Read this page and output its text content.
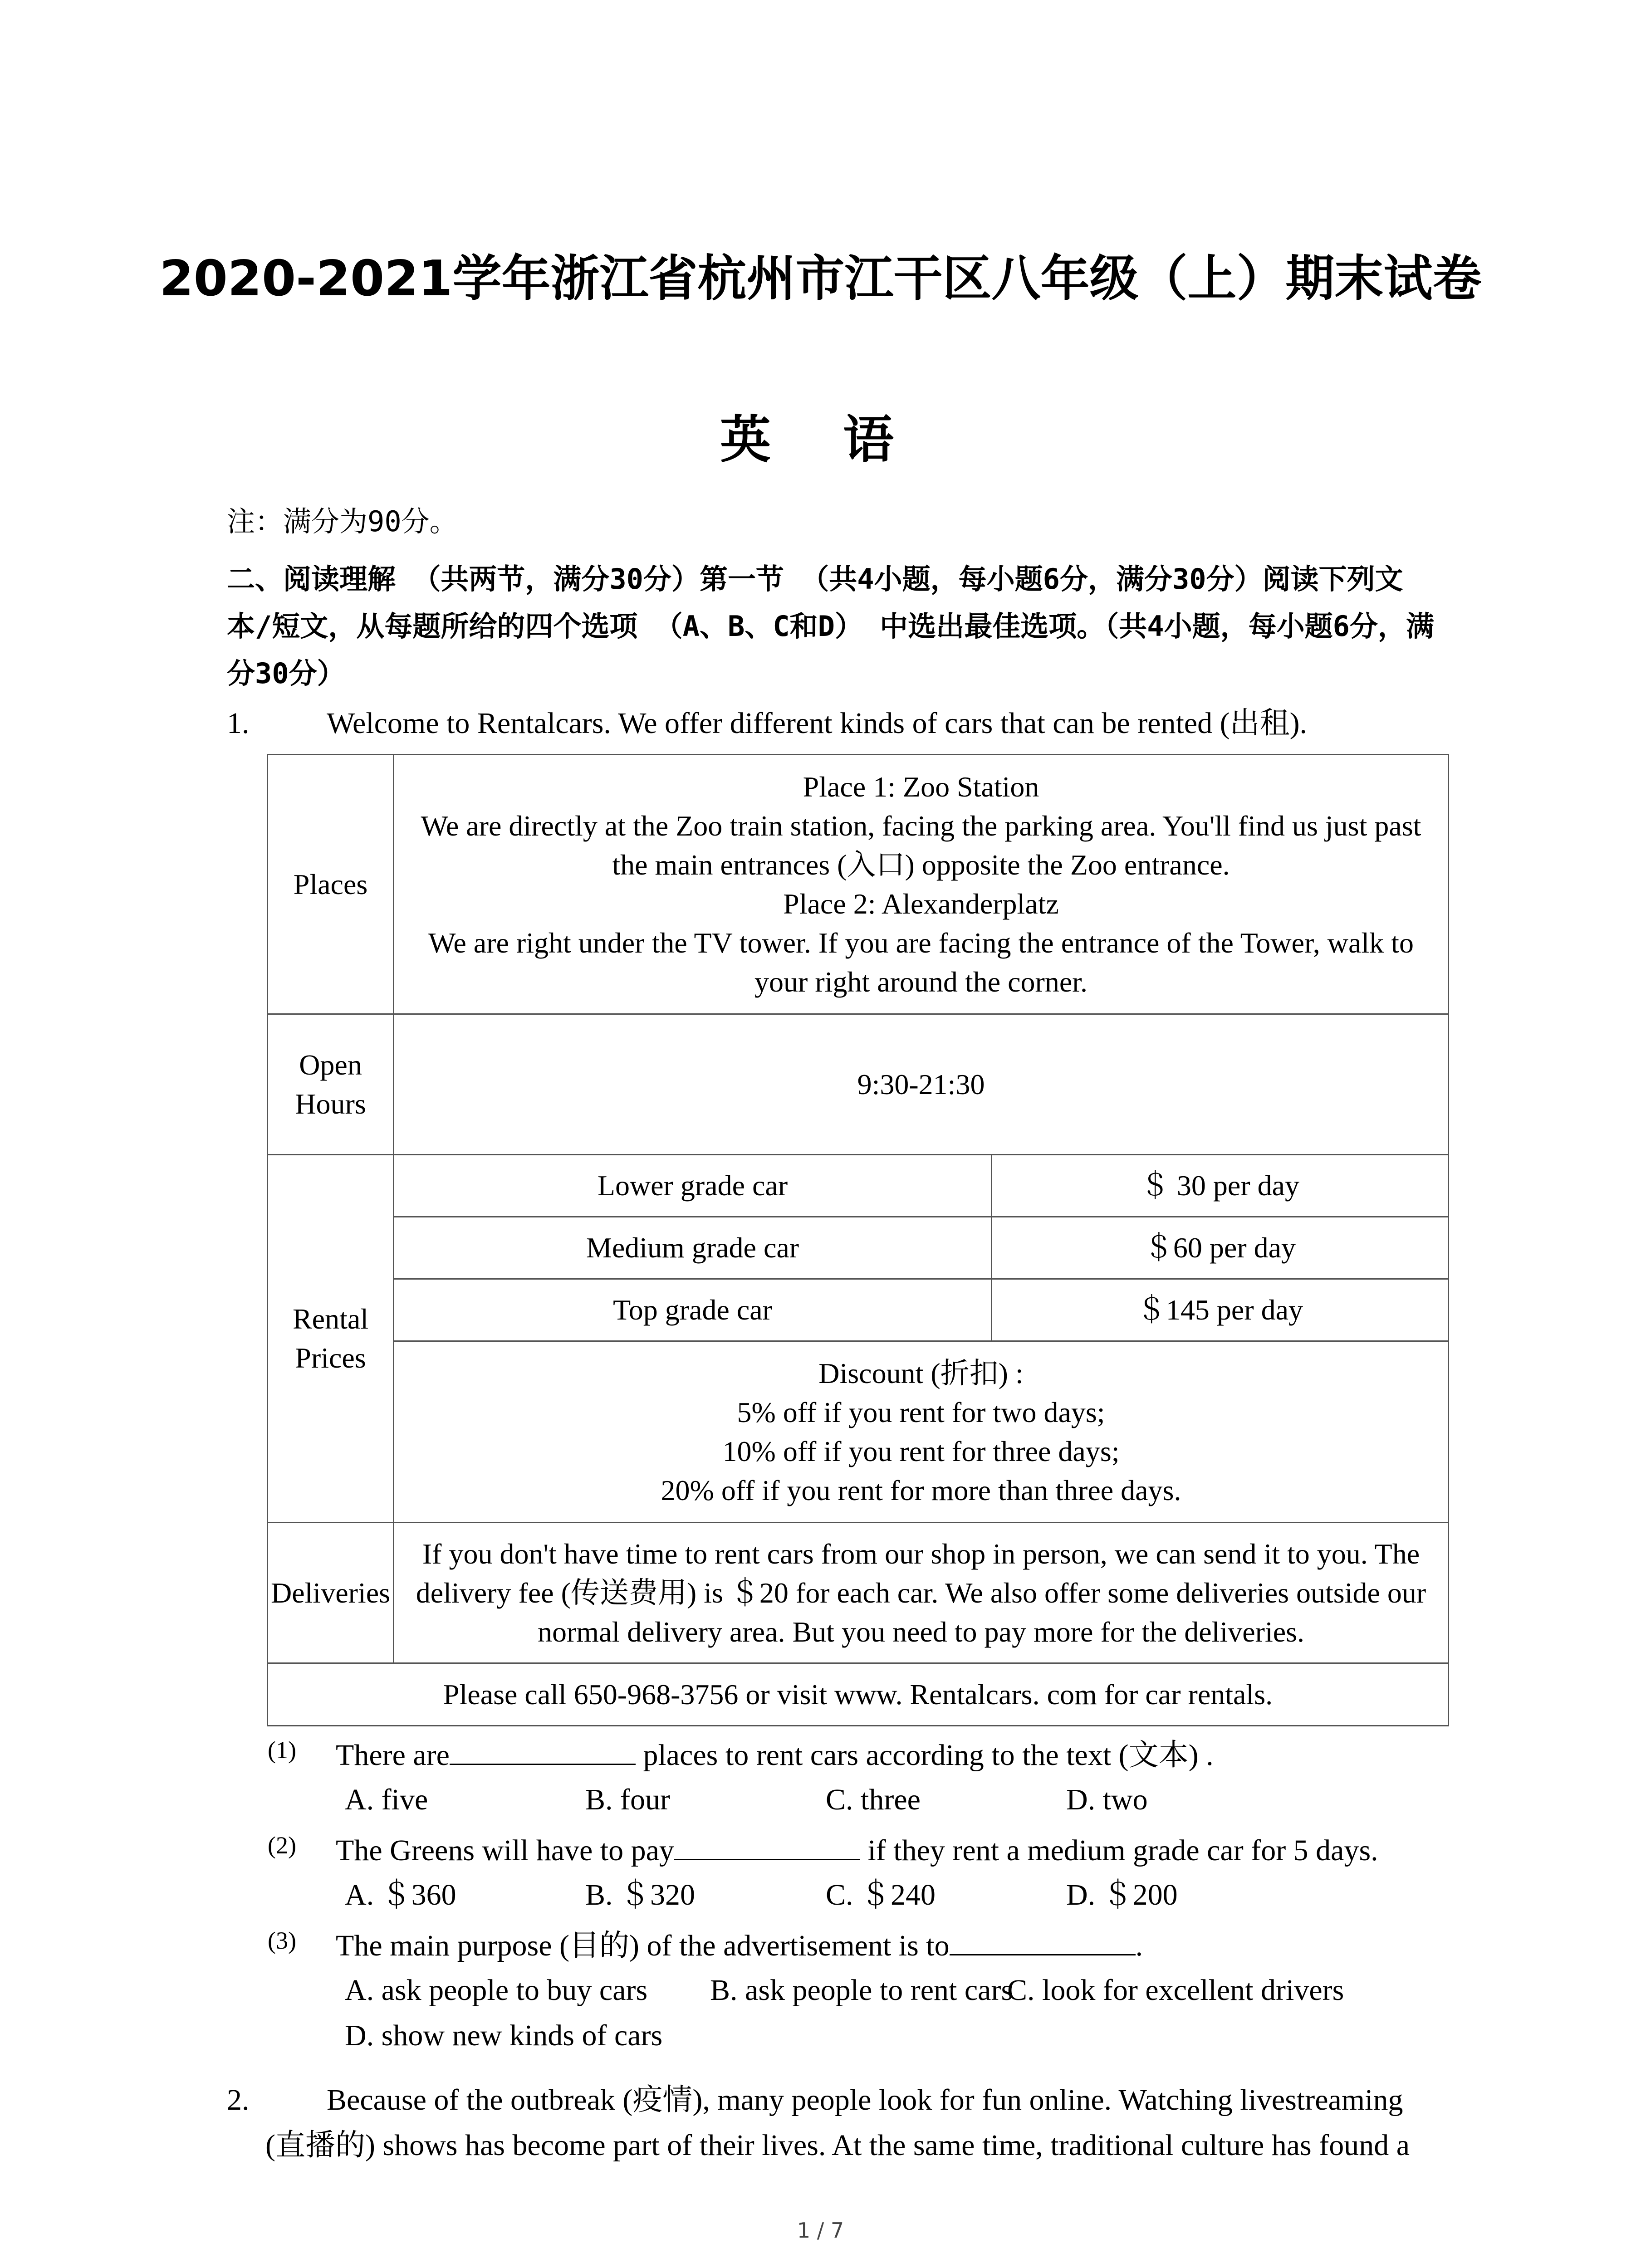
2020-2021学年浙江省杭州市江干区八年级（上）期末试卷
英 语
注：满分为90分。
二、阅读理解 （共两节，满分30分）第一节 （共4小题，每小题6分，满分30分）阅读下列文本/短文，从每题所给的四个选项 （A、B、C和D） 中选出最佳选项。（共4小题，每小题6分，满分30分）
1.	Welcome to Rentalcars. We offer different kinds of cars that can be rented (出租).
Places	Place 1: Zoo Station
We are directly at the Zoo train station, facing the parking area. You'll find us just past the main entrances (入口) opposite the Zoo entrance.
Place 2: Alexanderplatz
We are right under the TV tower. If you are facing the entrance of the Tower, walk to your right around the corner.	

Open Hours	9:30-21:30	
Rental Prices	Lower grade car	＄ 30 per day
	Medium grade car	＄60 per day
	Top grade car	＄145 per day

	Discount (折扣) :
5% off if you rent for two days;
10% off if you rent for three days;
20% off if you rent for more than three days.	

Deliveries	If you don't have time to rent cars from our shop in person, we can send it to you. The delivery fee (传送费用) is ＄20 for each car. We also offer some deliveries outside our normal delivery area. But you need to pay more for the deliveries.	
Please call 650-968-3756 or visit www. Rentalcars. com for car rentals.		
(1) There are	places to rent cars according to the text (文本) .
A. five	B. four	C. three	D. two
(2) The Greens will have to pay	if they rent a medium grade car for 5 days.
A. ＄360	B. ＄320	C. ＄240	D. ＄200
(3) The main purpose (目的) of the advertisement is to	.
A. ask people to buy cars B. ask people to rent cars
C. look for excellent drivers
D. show new kinds of cars
2.	Because of the outbreak (疫情), many people look for fun online. Watching livestreaming
(直播的) shows has become part of their lives. At the same time, traditional culture has found a
1 / 7
